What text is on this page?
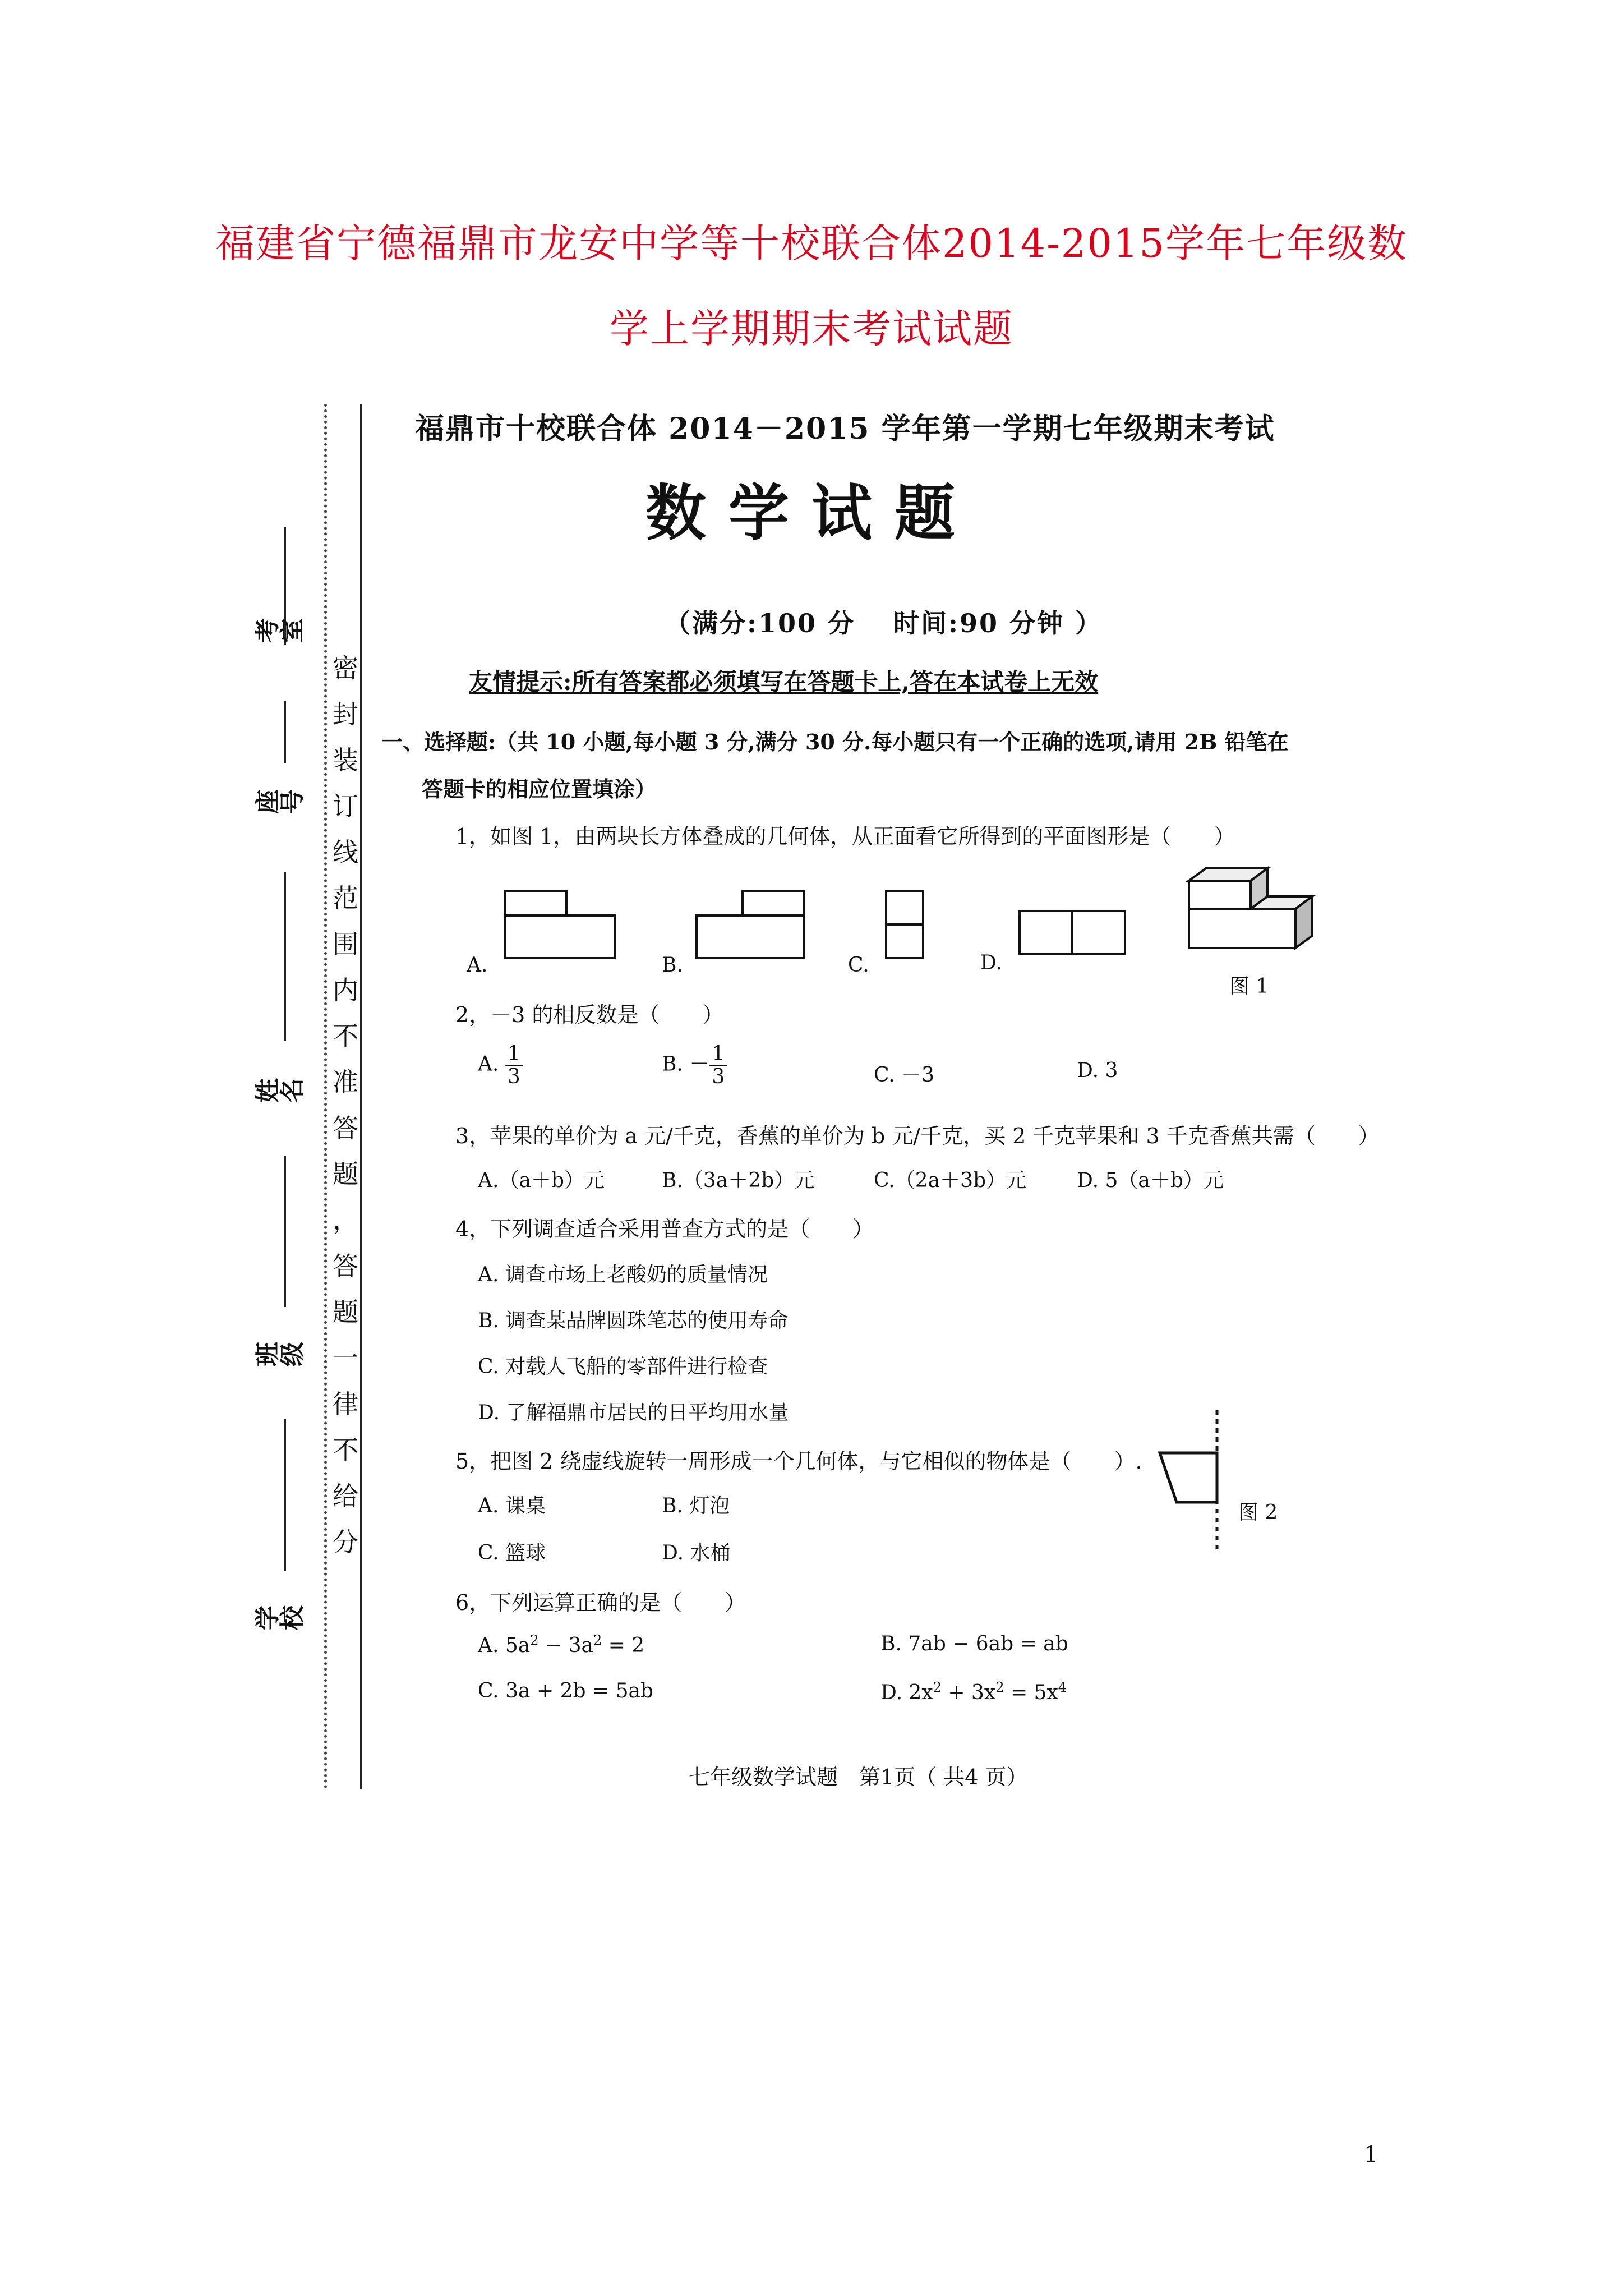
福建省宁德福鼎市龙安中学等十校联合体2014-2015学年七年级数
学上学期期末考试试题
密
封
装
订
线
范
围
内
不
准
答
题
，
答
题
一
律
不
给
分
考室
座号
姓名
班级
学校
福鼎市十校联合体 2014－2015 学年第一学期七年级期末考试
数学试题
（满分:100 分　 时间:90 分钟 ）
友情提示:所有答案都必须填写在答题卡上,答在本试卷上无效
一、选择题:（共 10 小题,每小题 3 分,满分 30 分.每小题只有一个正确的选项,请用 2B 铅笔在
答题卡的相应位置填涂）
1，如图 1，由两块长方体叠成的几何体，从正面看它所得到的平面图形是（　　）
A.	B.	C.	D.
图 1
2，－3 的相反数是（　　）
A. $\frac{1}{3}$	B. － $\frac{1}{3}$	C. －3	D. 3
3，苹果的单价为 a 元/千克，香蕉的单价为 b 元/千克，买 2 千克苹果和 3 千克香蕉共需（　　）
A.（a＋b）元	B.（3a＋2b）元	C.（2a＋3b）元 D. 5（a＋b）元
4，下列调查适合采用普查方式的是（　　）
A. 调查市场上老酸奶的质量情况
B. 调查某品牌圆珠笔芯的使用寿命
C. 对载人飞船的零部件进行检查
D. 了解福鼎市居民的日平均用水量
5，把图 2 绕虚线旋转一周形成一个几何体，与它相似的物体是（　　）.
A. 课桌	B. 灯泡
C. 篮球	D. 水桶
图 2
6，下列运算正确的是（　　）
A. $5a^2 - 3a^2 = 2$	B. 7ab − 6ab = ab
C. 3a + 2b = 5ab	D. $2x^2 + 3x^2 = 5x^4$
七年级数学试题　第1页（ 共4 页）
1
